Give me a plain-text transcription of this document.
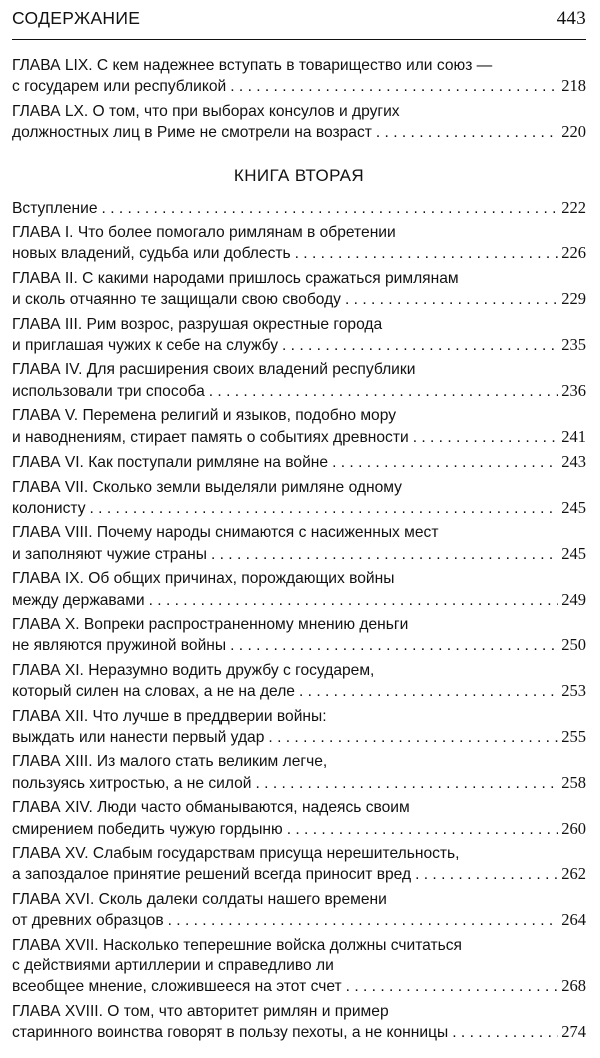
СОДЕРЖАНИЕ	443
ГЛАВА LIX. С кем надежнее вступать в товарищество или союз —
с государем или республикой . . .	218
ГЛАВА LX. О том, что при выборах консулов и других
должностных лиц в Риме не смотрели на возраст . . .	220
КНИГА ВТОРАЯ
Вступление . . .	222
ГЛАВА I. Что более помогало римлянам в обретении
новых владений, судьба или доблесть . . .	226
ГЛАВА II. С какими народами пришлось сражаться римлянам
и сколь отчаянно те защищали свою свободу . . .	229
ГЛАВА III. Рим возрос, разрушая окрестные города
и приглашая чужих к себе на службу . . .	235
ГЛАВА IV. Для расширения своих владений республики
использовали три способа . . .	236
ГЛАВА V. Перемена религий и языков, подобно мору
и наводнениям, стирает память о событиях древности . . .	241
ГЛАВА VI. Как поступали римляне на войне . . .	243
ГЛАВА VII. Сколько земли выделяли римляне одному
колонисту . . .	245
ГЛАВА VIII. Почему народы снимаются с насиженных мест
и заполняют чужие страны . . .	245
ГЛАВА IX. Об общих причинах, порождающих войны
между державами . . .	249
ГЛАВА X. Вопреки распространенному мнению деньги
не являются пружиной войны . . .	250
ГЛАВА XI. Неразумно водить дружбу с государем,
который силен на словах, а не на деле . . .	253
ГЛАВА XII. Что лучше в преддверии войны:
выждать или нанести первый удар . . .	255
ГЛАВА XIII. Из малого стать великим легче,
пользуясь хитростью, а не силой . . .	258
ГЛАВА XIV. Люди часто обманываются, надеясь своим
смирением победить чужую гордыню . . .	260
ГЛАВА XV. Слабым государствам присуща нерешительность,
а запоздалое принятие решений всегда приносит вред . . .	262
ГЛАВА XVI. Сколь далеки солдаты нашего времени
от древних образцов . . .	264
ГЛАВА XVII. Насколько теперешние войска должны считаться
с действиями артиллерии и справедливо ли
всеобщее мнение, сложившееся на этот счет . . .	268
ГЛАВА XVIII. О том, что авторитет римлян и пример
старинного воинства говорят в пользу пехоты, а не конницы . . .	274
